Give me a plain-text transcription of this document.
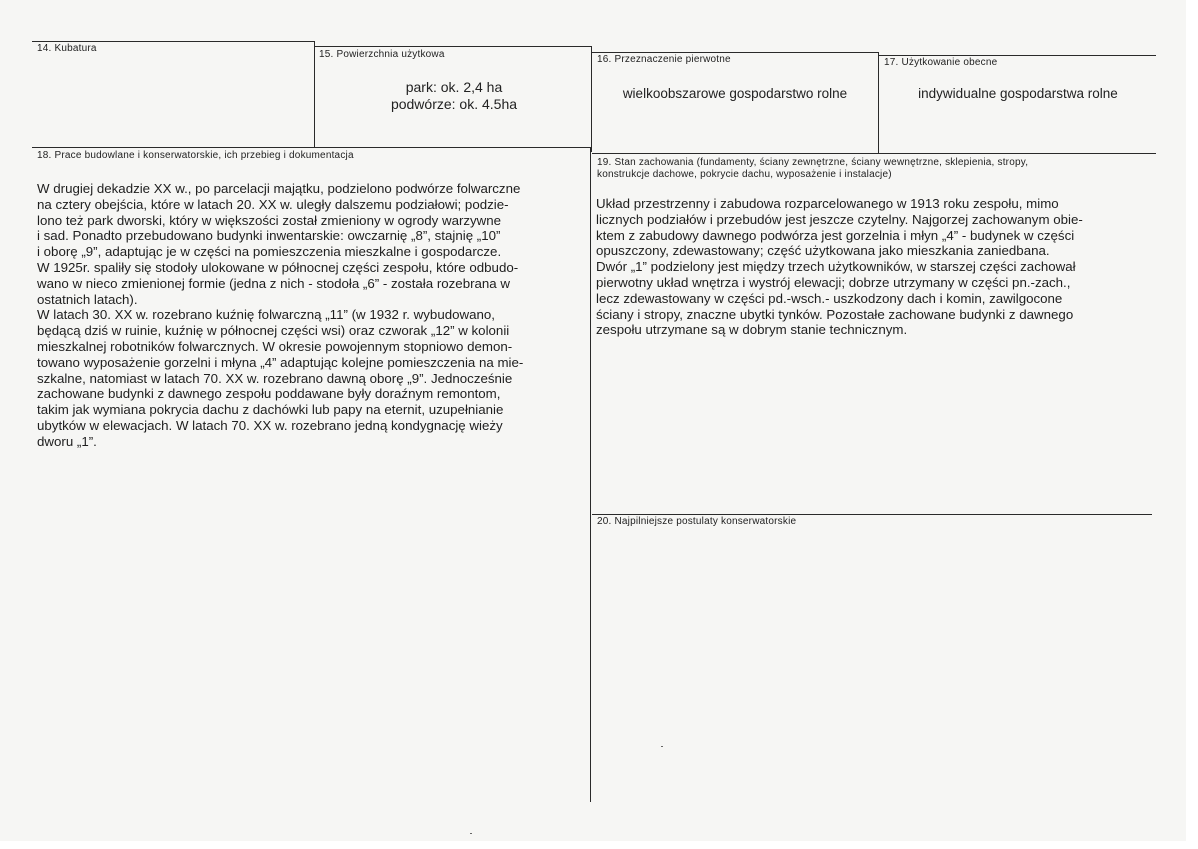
14. Kubatura
15. Powierzchnia użytkowa
park: ok. 2,4 ha
podwórze: ok. 4.5ha
16. Przeznaczenie pierwotne
wielkoobszarowe gospodarstwo rolne
17. Użytkowanie obecne
indywidualne gospodarstwa rolne
18. Prace budowlane i konserwatorskie, ich przebieg i dokumentacja
W drugiej dekadzie XX w., po parcelacji majątku, podzielono podwórze folwarczne
na cztery obejścia, które w latach 20. XX w. uległy dalszemu podziałowi; podzie-
lono też park dworski, który w większości został zmieniony w ogrody warzywne
i sad. Ponadto przebudowano budynki inwentarskie: owczarnię „8”, stajnię „10”
i oborę „9”, adaptując je w części na pomieszczenia mieszkalne i gospodarcze.
W 1925r. spaliły się stodoły ulokowane w północnej części zespołu, które odbudo-
wano w nieco zmienionej formie (jedna z nich - stodoła „6” - została rozebrana w
ostatnich latach).
W latach 30. XX w. rozebrano kuźnię folwarczną „11” (w 1932 r. wybudowano,
będącą dziś w ruinie, kuźnię w północnej części wsi) oraz czworak „12” w kolonii
mieszkalnej robotników folwarcznych. W okresie powojennym stopniowo demon-
towano wyposażenie gorzelni i młyna „4” adaptując kolejne pomieszczenia na mie-
szkalne, natomiast w latach 70. XX w. rozebrano dawną oborę „9”. Jednocześnie
zachowane budynki z dawnego zespołu poddawane były doraźnym remontom,
takim jak wymiana pokrycia dachu z dachówki lub papy na eternit, uzupełnianie
ubytków w elewacjach. W latach 70. XX w. rozebrano jedną kondygnację wieży
dworu „1”.
19. Stan zachowania (fundamenty, ściany zewnętrzne, ściany wewnętrzne, sklepienia, stropy,
konstrukcje dachowe, pokrycie dachu, wyposażenie i instalacje)
Układ przestrzenny i zabudowa rozparcelowanego w 1913 roku zespołu, mimo
licznych podziałów i przebudów jest jeszcze czytelny. Najgorzej zachowanym obie-
ktem z zabudowy dawnego podwórza jest gorzelnia i młyn „4” - budynek w części
opuszczony, zdewastowany; część użytkowana jako mieszkania zaniedbana.
Dwór „1” podzielony jest między trzech użytkowników, w starszej części zachował
pierwotny układ wnętrza i wystrój elewacji; dobrze utrzymany w części pn.-zach.,
lecz zdewastowany w części pd.-wsch.- uszkodzony dach i komin, zawilgocone
ściany i stropy, znaczne ubytki tynków. Pozostałe zachowane budynki z dawnego
zespołu utrzymane są w dobrym stanie technicznym.
20. Najpilniejsze postulaty konserwatorskie
